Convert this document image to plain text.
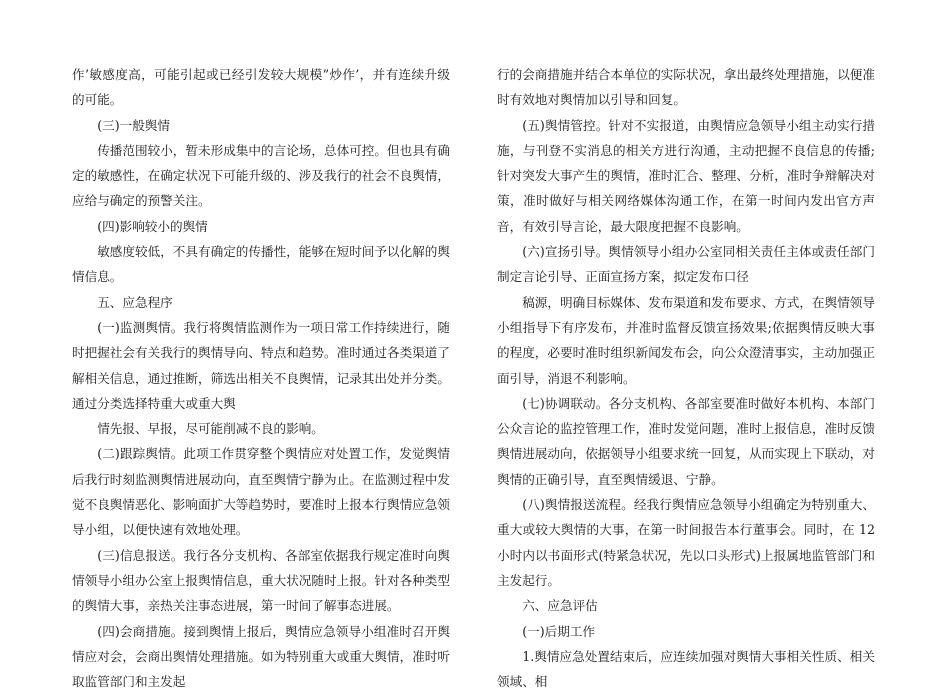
作’敏感度高，可能引起或已经引发较大规模”炒作’，并有连续升级的可能。

(三)一般舆情

传播范围较小，暂未形成集中的言论场，总体可控。但也具有确定的敏感性，在确定状况下可能升级的、涉及我行的社会不良舆情，应给与确定的预警关注。

(四)影响较小的舆情

敏感度较低，不具有确定的传播性，能够在短时间予以化解的舆情信息。

五、应急程序

(一)监测舆情。我行将舆情监测作为一项日常工作持续进行，随时把握社会有关我行的舆情导向、特点和趋势。准时通过各类渠道了解相关信息，通过推断，筛选出相关不良舆情，记录其出处并分类。通过分类选择特重大或重大舆

情先报、早报，尽可能削减不良的影响。

(二)跟踪舆情。此项工作贯穿整个舆情应对处置工作，发觉舆情后我行时刻监测舆情进展动向，直至舆情宁静为止。在监测过程中发觉不良舆情恶化、影响面扩大等趋势时，要准时上报本行舆情应急领导小组，以便快速有效地处理。

(三)信息报送。我行各分支机构、各部室依据我行规定准时向舆情领导小组办公室上报舆情信息，重大状况随时上报。针对各种类型的舆情大事，亲热关注事态进展，第一时间了解事态进展。

(四)会商措施。接到舆情上报后，舆情应急领导小组准时召开舆情应对会，会商出舆情处理措施。如为特别重大或重大舆情，准时听取监管部门和主发起

行的会商措施并结合本单位的实际状况，拿出最终处理措施，以便准时有效地对舆情加以引导和回复。

(五)舆情管控。针对不实报道，由舆情应急领导小组主动实行措施，与刊登不实消息的相关方进行沟通，主动把握不良信息的传播;针对突发大事产生的舆情，准时汇合、整理、分析，准时争辩解决对策，准时做好与相关网络媒体沟通工作，在第一时间内发出官方声音，有效引导言论，最大限度把握不良影响。

(六)宣扬引导。舆情领导小组办公室同相关责任主体或责任部门制定言论引导、正面宣扬方案，拟定发布口径

稿源，明确目标媒体、发布渠道和发布要求、方式，在舆情领导小组指导下有序发布，并准时监督反馈宣扬效果;依据舆情反映大事的程度，必要时准时组织新闻发布会，向公众澄清事实，主动加强正面引导，消退不利影响。

(七)协调联动。各分支机构、各部室要准时做好本机构、本部门公众言论的监控管理工作，准时发觉问题，准时上报信息，准时反馈舆情进展动向，依据领导小组要求统一回复，从而实现上下联动，对舆情的正确引导，直至舆情缓退、宁静。

(八)舆情报送流程。经我行舆情应急领导小组确定为特别重大、重大或较大舆情的大事，在第一时间报告本行董事会。同时，在 12 小时内以书面形式(特紧急状况，先以口头形式)上报属地监管部门和主发起行。

六、应急评估

(一)后期工作

1.舆情应急处置结束后，应连续加强对舆情大事相关性质、相关领域、相
